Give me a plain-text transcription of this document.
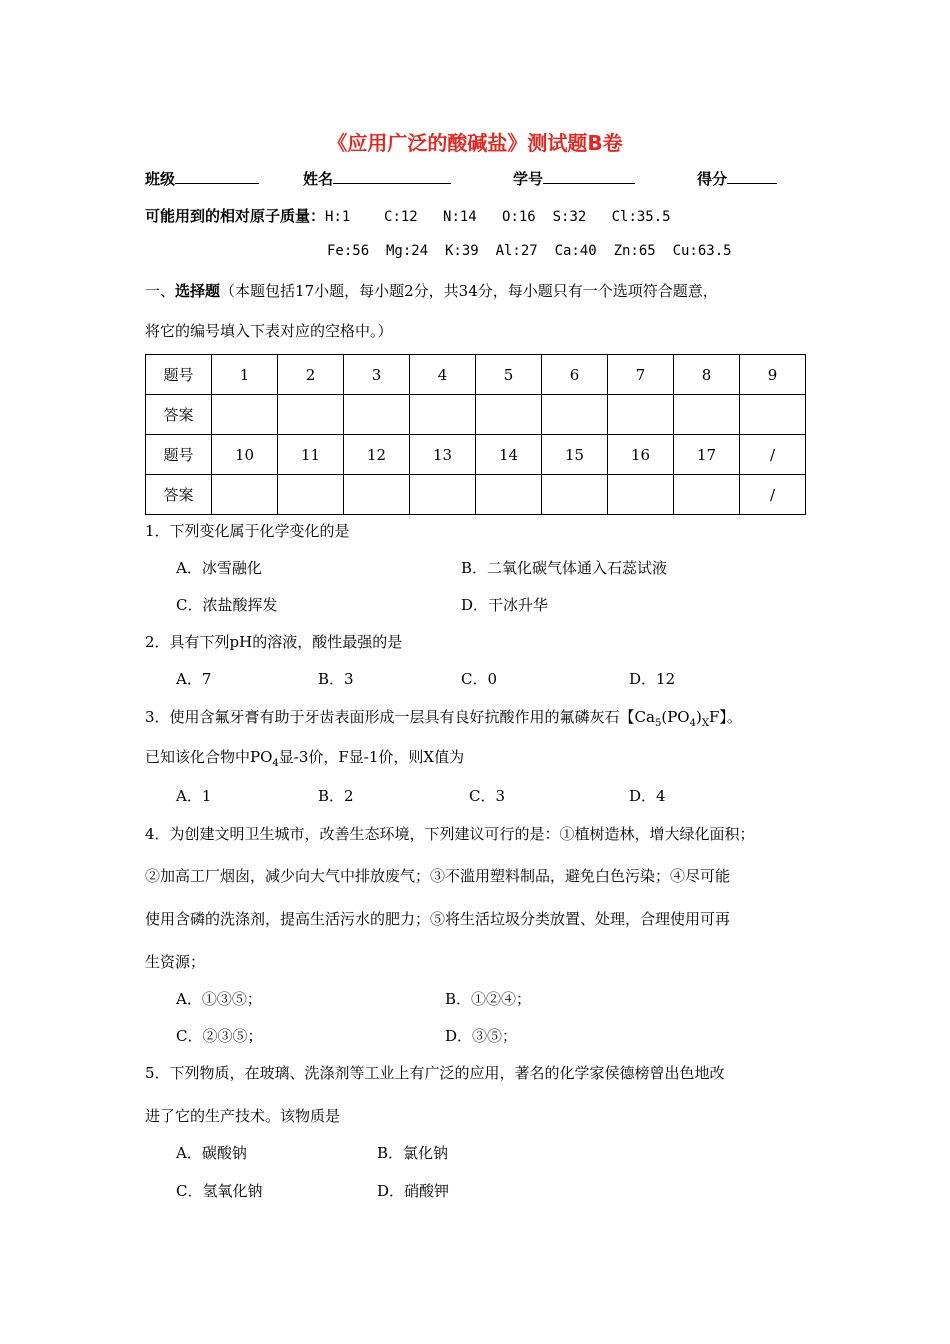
《应用广泛的酸碱盐》测试题B卷
班级	姓名	学号	得分
可能用到的相对原子质量：H:1    C:12   N:14   O:16  S:32   Cl:35.5
Fe:56  Mg:24  K:39  Al:27  Ca:40  Zn:65  Cu:63.5
一、选择题（本题包括17小题，每小题2分，共34分，每小题只有一个选项符合题意，
将它的编号填入下表对应的空格中。）
题号	1	2	3	4	5	6	7	8	9
答案									
题号	10	11	12	13	14	15	16	17	/
答案									/
1．下列变化属于化学变化的是
A．冰雪融化	B．二氧化碳气体通入石蕊试液
C．浓盐酸挥发	D．干冰升华
2．具有下列pH的溶液，酸性最强的是
A．7	B．3	C．0	D．12
3．使用含氟牙膏有助于牙齿表面形成一层具有良好抗酸作用的氟磷灰石【$Ca_5(PO_4)_XF$】。
已知该化合物中$PO_4$显-3价，F显-1价，则X值为
A．1	B．2	C．3	D．4
4．为创建文明卫生城市，改善生态环境，下列建议可行的是：①植树造林，增大绿化面积；
②加高工厂烟囱，减少向大气中排放废气；③不滥用塑料制品，避免白色污染；④尽可能
使用含磷的洗涤剂，提高生活污水的肥力；⑤将生活垃圾分类放置、处理，合理使用可再
生资源；
A．①③⑤；	B．①②④；
C．②③⑤；	D．③⑤；
5．下列物质，在玻璃、洗涤剂等工业上有广泛的应用，著名的化学家侯德榜曾出色地改
进了它的生产技术。该物质是
A．碳酸钠	B．氯化钠
C．氢氧化钠	D．硝酸钾
